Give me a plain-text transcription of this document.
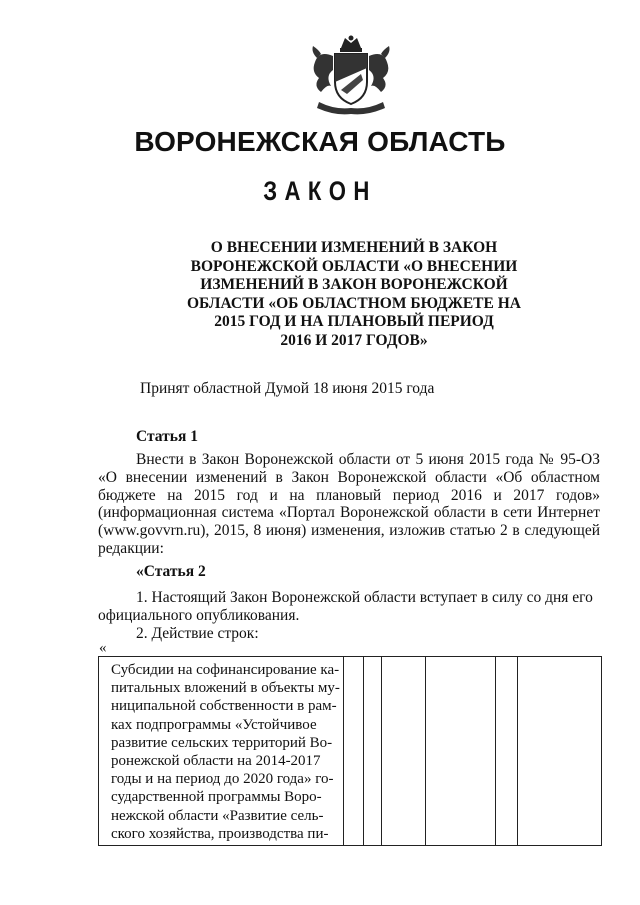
ВОРОНЕЖСКАЯ ОБЛАСТЬ
ЗАКОН
О ВНЕСЕНИИ ИЗМЕНЕНИЙ В ЗАКОН
ВОРОНЕЖСКОЙ ОБЛАСТИ «О ВНЕСЕНИИ
ИЗМЕНЕНИЙ В ЗАКОН ВОРОНЕЖСКОЙ
ОБЛАСТИ «ОБ ОБЛАСТНОМ БЮДЖЕТЕ НА
2015 ГОД И НА ПЛАНОВЫЙ ПЕРИОД
2016 И 2017 ГОДОВ»
Принят областной Думой 18 июня 2015 года
Статья 1
Внести в Закон Воронежской области от 5 июня 2015 года № 95-ОЗ «О внесении изменений в Закон Воронежской области «Об областном бюджете на 2015 год и на плановый период 2016 и 2017 годов» (информационная система «Портал Воронежской области в сети Интернет (www.govvrn.ru), 2015, 8 июня) изменения, изложив статью 2 в следующей редакции:
«Статья 2
1. Настоящий Закон Воронежской области вступает в силу со дня его
официального опубликования.
2. Действие строк:
«
Субсидии на софинансирование ка-
питальных вложений в объекты му-
ниципальной собственности в рам-
ках подпрограммы «Устойчивое
развитие сельских территорий Во-
ронежской области на 2014-2017
годы и на период до 2020 года» го-
сударственной программы Воро-
нежской области «Развитие сель-
ского хозяйства, производства пи-
